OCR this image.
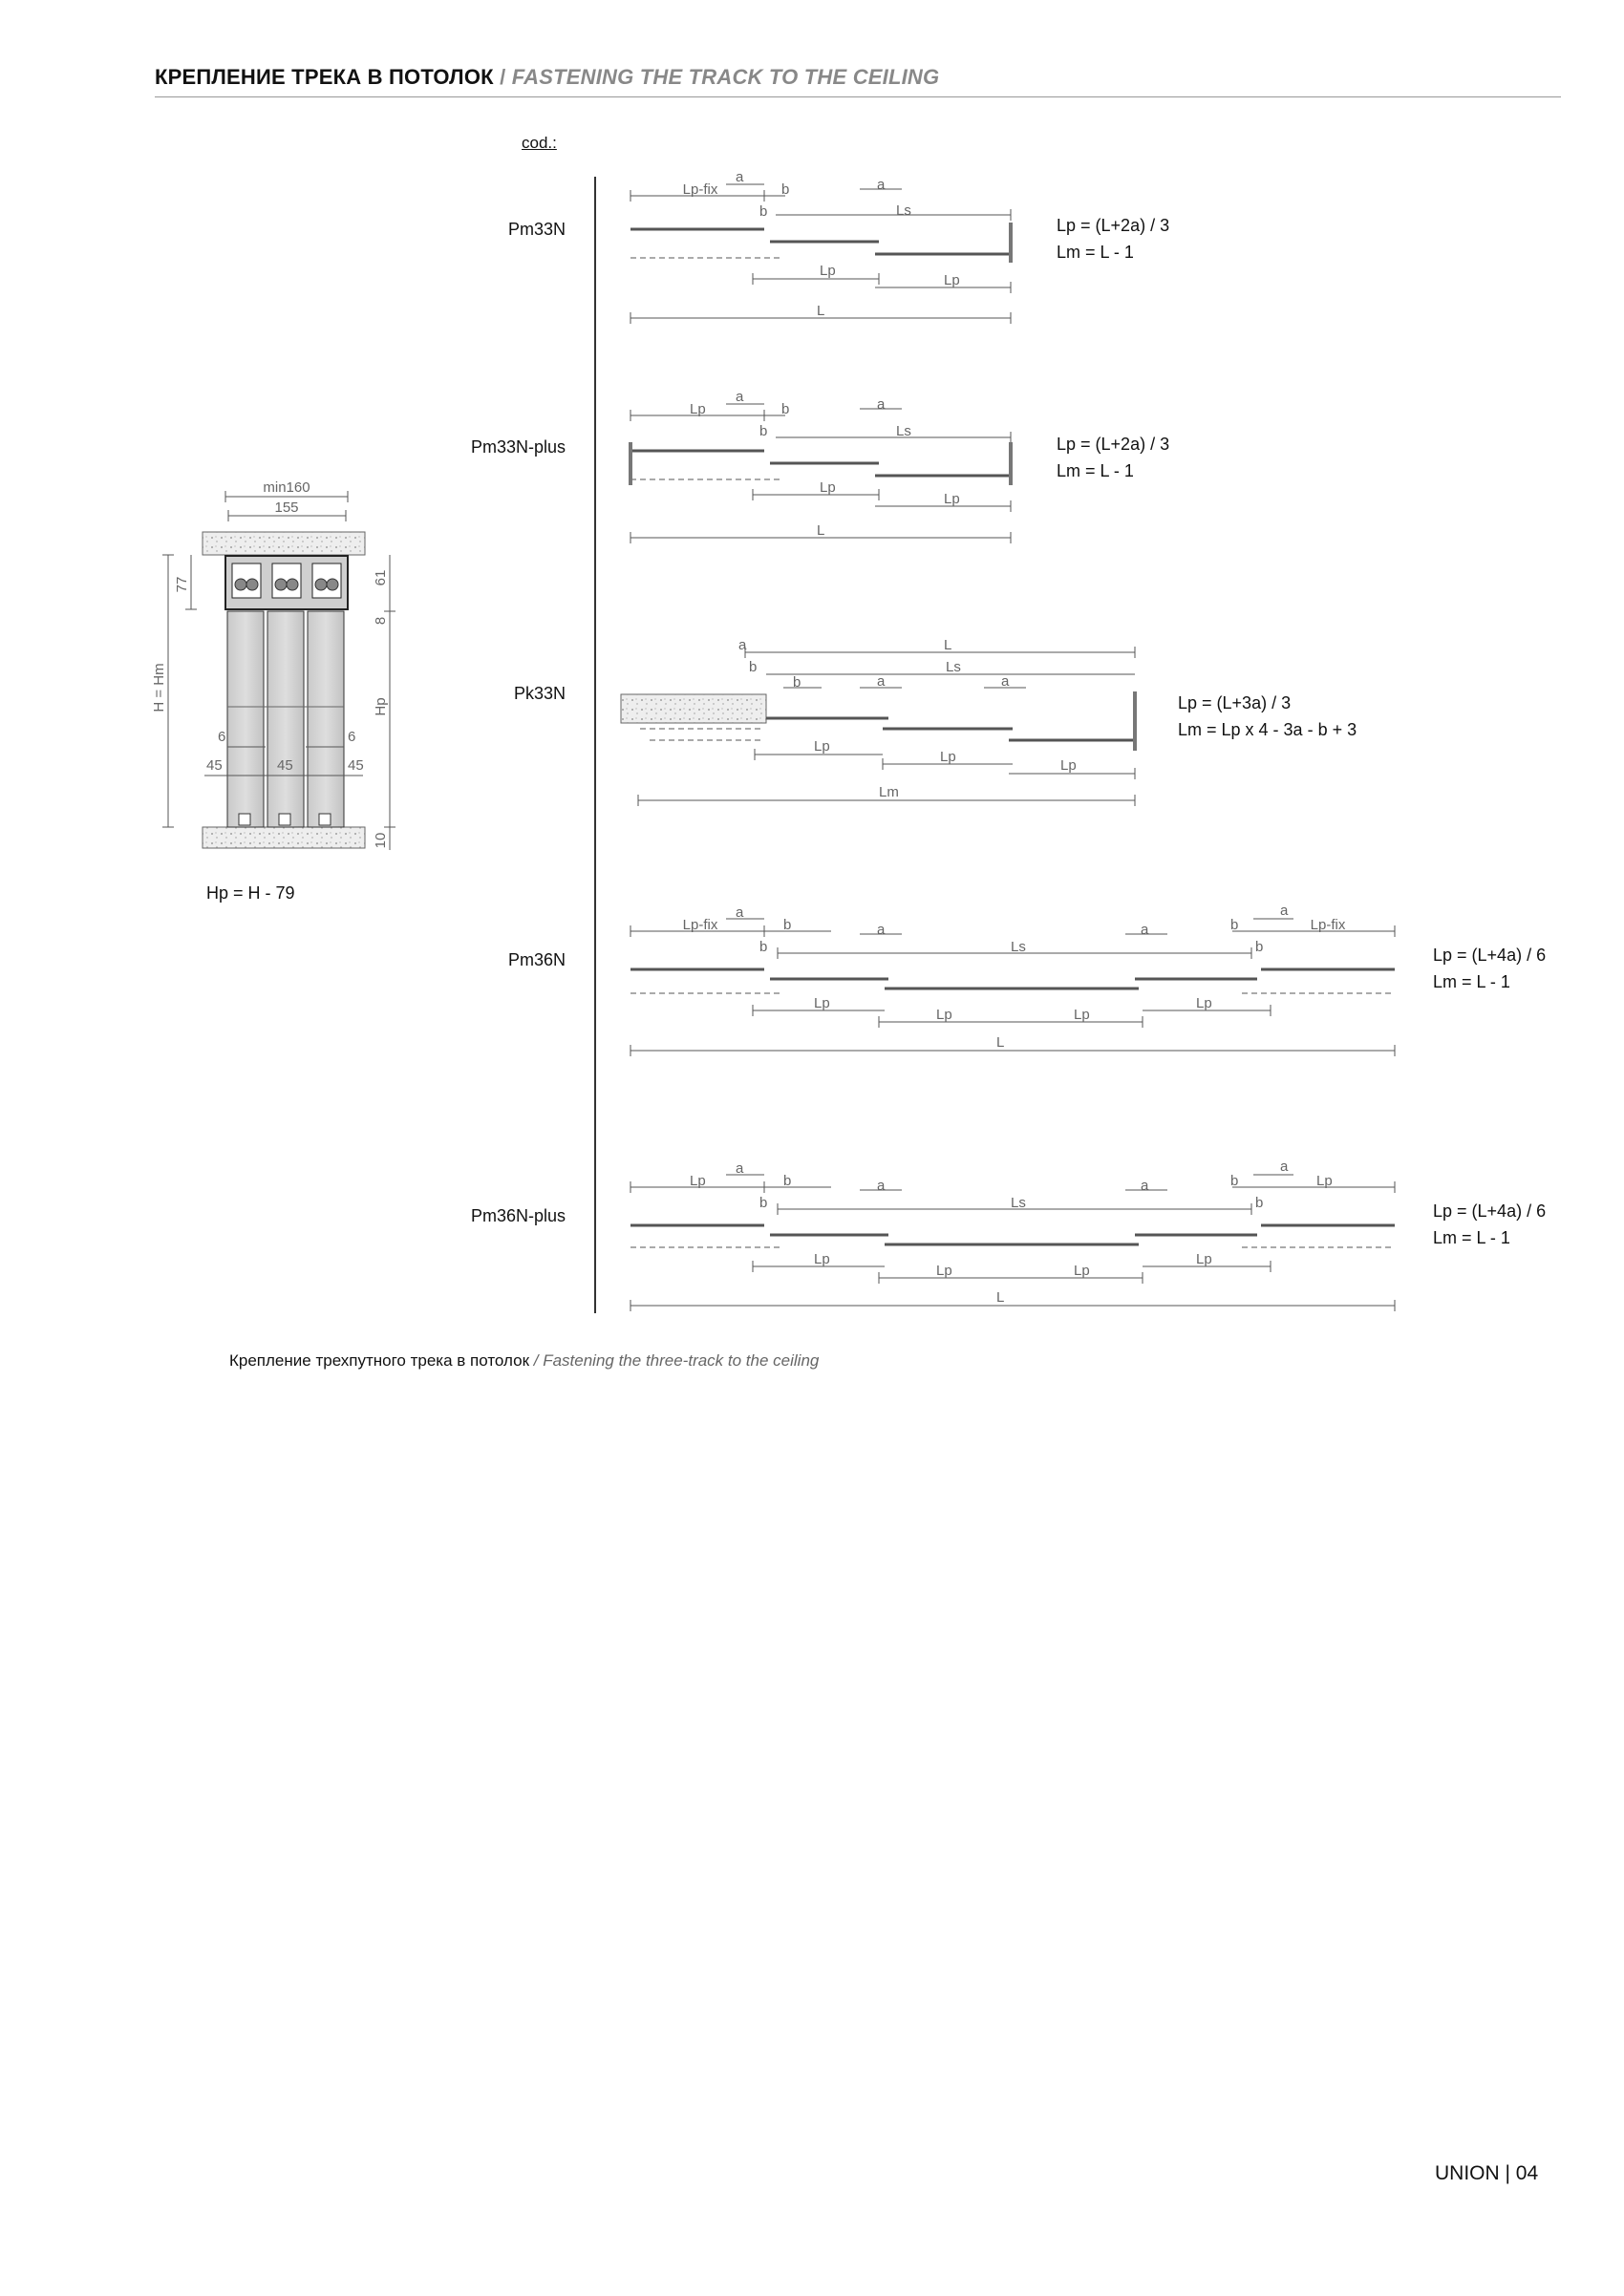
КРЕПЛЕНИЕ ТРЕКА В ПОТОЛОК / FASTENING THE TRACK TO THE CEILING
cod.:
Pm33N
Pm33N-plus
Pk33N
Pm36N
Pm36N-plus
Lp = (L+2a) / 3
Lm = L - 1
Lp = (L+2a) / 3
Lm = L - 1
Lp = (L+3a) / 3
Lm = Lp x 4 - 3a - b + 3
Lp = (L+4a) / 6
Lm = L - 1
Lp = (L+4a) / 6
Lm = L - 1
min160
155
77	61
8
Hp
H = Hm
6	6
45	45	45
10
Lp-fix
a
b
b
a
Ls
Lp
Lp
L
Lp
a
b
b
a
Ls
Lp
Lp
L
a	L
b	Ls
b	a	a
Lp
Lp
Lp
Lm
Lp-fix
a
b
b
a
Ls
a	b
b
a
Lp-fix
Lp
Lp	Lp
Lp
L
Lp
a
b
b
a
Ls
a	b
b
a
Lp
Lp
Lp	Lp
Lp
L
Hp = H - 79
Крепление трехпутного трека в потолок / Fastening the three-track to the ceiling
UNION | 04
